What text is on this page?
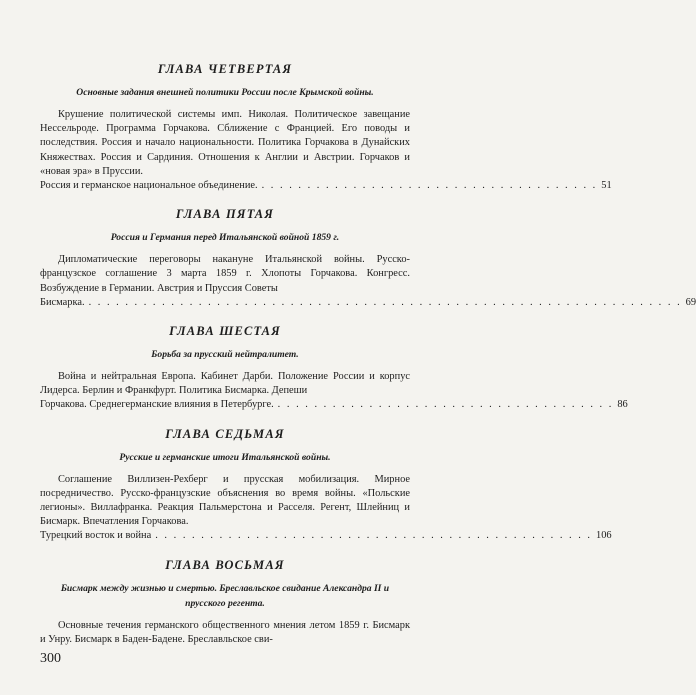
ГЛАВА ЧЕТВЕРТАЯ
Основные задания внешней политики России после Крымской войны.

Крушение политической системы имп. Николая. Политическое завещание Нессельроде. Программа Горчакова. Сближение с Францией. Его поводы и последствия. Россия и начало национальности. Политика Горчакова в Дунайских Княжествах. Россия и Сардиния. Отношения к Англии и Австрии. Горчаков и «новая эра» в Пруссии.

Россия и германское национальное объединение. . . . . . . . . . . . . . . . . . . . . . . . . . . . . . . . . . . . . . 51
ГЛАВА ПЯТАЯ
Россия и Германия перед Итальянской войной 1859 г.

Дипломатические переговоры накануне Итальянской войны. Русско-французское соглашение 3 марта 1859 г. Хлопоты Горчакова. Конгресс. Возбуждение в Германии. Австрия и Пруссия Советы

Бисмарка. . . . . . . . . . . . . . . . . . . . . . . . . . . . . . . . . . . . . . . . . . . . . . . . . . . . . . . . . . . . . . . . . . 69
ГЛАВА ШЕСТАЯ
Борьба за прусский нейтралитет.

Война и нейтральная Европа. Кабинет Дарби. Положение России и корпус Лидерса. Берлин и Франкфурт. Политика Бисмарка. Депеши

Горчакова. Среднегерманские влияния в Петербурге. . . . . . . . . . . . . . . . . . . . . . . . . . . . . . . . . . . . . . 86
ГЛАВА СЕДЬМАЯ
Русские и германские итоги Итальянской войны.

Соглашение Виллизен-Рехберг и прусская мобилизация. Мирное посредничество. Русско-французские объяснения во время войны. «Польские легионы». Виллафранка. Реакция Пальмерстона и Расселя. Регент, Шлейниц и Бисмарк. Впечатления Горчакова.

Турецкий восток и война . . . . . . . . . . . . . . . . . . . . . . . . . . . . . . . . . . . . . . . . . . . . . . . . 106
ГЛАВА ВОСЬМАЯ
Бисмарк между жизнью и смертью. Бреславльское свидание Александра II и прусского регента.

Основные течения германского общественного мнения летом 1859 г. Бисмарк и Унру. Бисмарк в Баден-Бадене. Бреславльское сви-

300
